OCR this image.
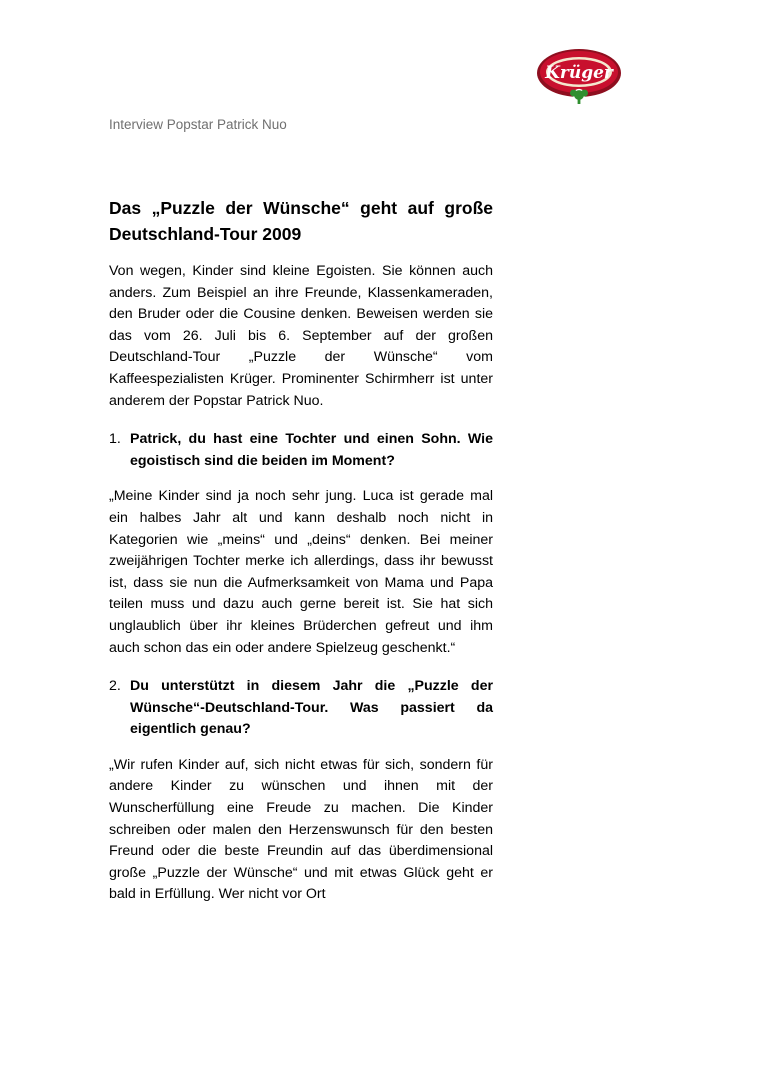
Krüger
Interview Popstar Patrick Nuo
Das „Puzzle der Wünsche“ geht auf große Deutschland-Tour 2009

Von wegen, Kinder sind kleine Egoisten. Sie können auch anders. Zum Beispiel an ihre Freunde, Klassenkameraden, den Bruder oder die Cousine denken. Beweisen werden sie das vom 26. Juli bis 6. September auf der großen Deutschland-Tour „Puzzle der Wünsche“ vom Kaffeespezialisten Krüger. Prominenter Schirmherr ist unter anderem der Popstar Patrick Nuo.

1. Patrick, du hast eine Tochter und einen Sohn. Wie egoistisch sind die beiden im Moment?

„Meine Kinder sind ja noch sehr jung. Luca ist gerade mal ein halbes Jahr alt und kann deshalb noch nicht in Kategorien wie „meins“ und „deins“ denken. Bei meiner zweijährigen Tochter merke ich allerdings, dass ihr bewusst ist, dass sie nun die Aufmerksamkeit von Mama und Papa teilen muss und dazu auch gerne bereit ist. Sie hat sich unglaublich über ihr kleines Brüderchen gefreut und ihm auch schon das ein oder andere Spielzeug geschenkt.“

2. Du unterstützt in diesem Jahr die „Puzzle der Wünsche“-Deutschland-Tour. Was passiert da eigentlich genau?

„Wir rufen Kinder auf, sich nicht etwas für sich, sondern für andere Kinder zu wünschen und ihnen mit der Wunscherfüllung eine Freude zu machen. Die Kinder schreiben oder malen den Herzenswunsch für den besten Freund oder die beste Freundin auf das überdimensional große „Puzzle der Wünsche“ und mit etwas Glück geht er bald in Erfüllung. Wer nicht vor Ort
